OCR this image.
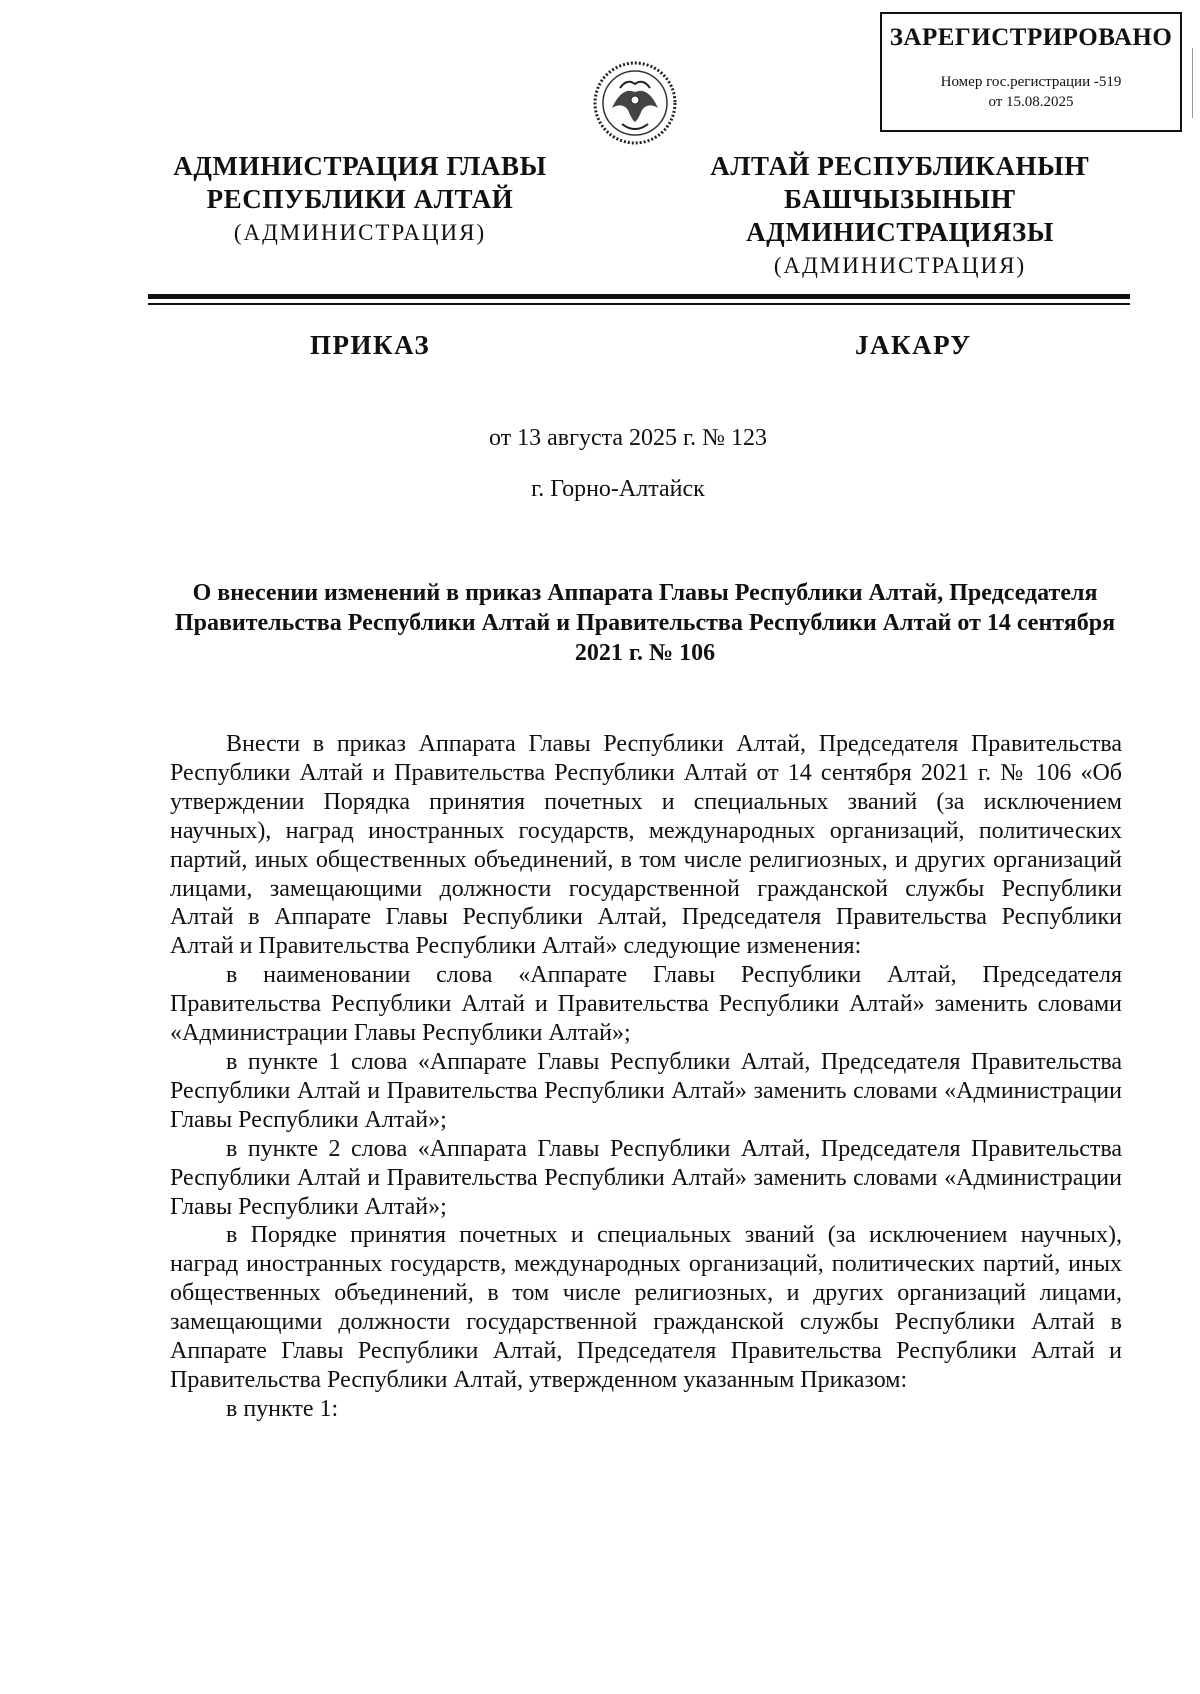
ЗАРЕГИСТРИРОВАНО
Номер гос.регистрации -519
от 15.08.2025
АДМИНИСТРАЦИЯ ГЛАВЫ
РЕСПУБЛИКИ АЛТАЙ
(АДМИНИСТРАЦИЯ)
АЛТАЙ РЕСПУБЛИКАНЫҤ
БАШЧЫЗЫНЫҤ
АДМИНИСТРАЦИЯЗЫ
(АДМИНИСТРАЦИЯ)
ПРИКАЗ	ЈАКАРУ
от 13 августа 2025 г. № 123
г. Горно-Алтайск
О внесении изменений в приказ Аппарата Главы Республики Алтай, Председателя Правительства Республики Алтай и Правительства Республики Алтай от 14 сентября 2021 г. № 106

Внести в приказ Аппарата Главы Республики Алтай, Председателя Правительства Республики Алтай и Правительства Республики Алтай от 14 сентября 2021 г. № 106 «Об утверждении Порядка принятия почетных и специальных званий (за исключением научных), наград иностранных государств, международных организаций, политических партий, иных общественных объединений, в том числе религиозных, и других организаций лицами, замещающими должности государственной гражданской службы Республики Алтай в Аппарате Главы Республики Алтай, Председателя Правительства Республики Алтай и Правительства Республики Алтай» следующие изменения:

в наименовании слова «Аппарате Главы Республики Алтай, Председателя Правительства Республики Алтай и Правительства Республики Алтай» заменить словами «Администрации Главы Республики Алтай»;

в пункте 1 слова «Аппарате Главы Республики Алтай, Председателя Правительства Республики Алтай и Правительства Республики Алтай» заменить словами «Администрации Главы Республики Алтай»;

в пункте 2 слова «Аппарата Главы Республики Алтай, Председателя Правительства Республики Алтай и Правительства Республики Алтай» заменить словами «Администрации Главы Республики Алтай»;

в Порядке принятия почетных и специальных званий (за исключением научных), наград иностранных государств, международных организаций, политических партий, иных общественных объединений, в том числе религиозных, и других организаций лицами, замещающими должности государственной гражданской службы Республики Алтай в Аппарате Главы Республики Алтай, Председателя Правительства Республики Алтай и Правительства Республики Алтай, утвержденном указанным Приказом:

в пункте 1:
